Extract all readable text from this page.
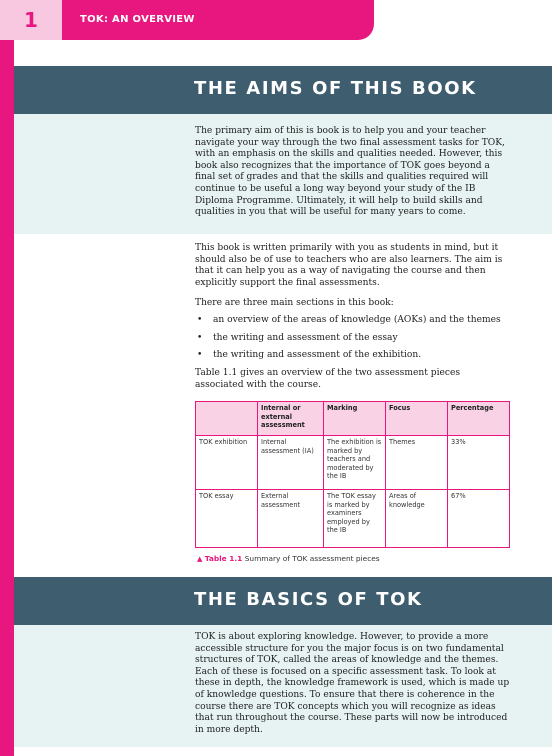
1	TOK: AN OVERVIEW
THE AIMS OF THIS BOOK

The primary aim of this is book is to help you and your teacher navigate your way through the two final assessment tasks for TOK, with an emphasis on the skills and qualities needed. However, this book also recognizes that the importance of TOK goes beyond a final set of grades and that the skills and qualities required will continue to be useful a long way beyond your study of the IB Diploma Programme. Ultimately, it will help to build skills and qualities in you that will be useful for many years to come.

This book is written primarily with you as students in mind, but it should also be of use to teachers who are also learners. The aim is that it can help you as a way of navigating the course and then explicitly support the final assessments.

There are three main sections in this book:

• an overview of the areas of knowledge (AOKs) and the themes
• the writing and assessment of the essay
• the writing and assessment of the exhibition.

Table 1.1 gives an overview of the two assessment pieces associated with the course.

	Internal or external assessment	Marking	Focus	Percentage
TOK exhibition	Internal assessment (IA)	The exhibition is marked by teachers and moderated by the IB	Themes	33%
TOK essay	External assessment	The TOK essay is marked by examiners employed by the IB	Areas of knowledge	67%
▲ Table 1.1 Summary of TOK assessment pieces
THE BASICS OF TOK

TOK is about exploring knowledge. However, to provide a more accessible structure for you the major focus is on two fundamental structures of TOK, called the areas of knowledge and the themes. Each of these is focused on a specific assessment task. To look at these in depth, the knowledge framework is used, which is made up of knowledge questions. To ensure that there is coherence in the course there are TOK concepts which you will recognize as ideas that run throughout the course. These parts will now be introduced in more depth.
